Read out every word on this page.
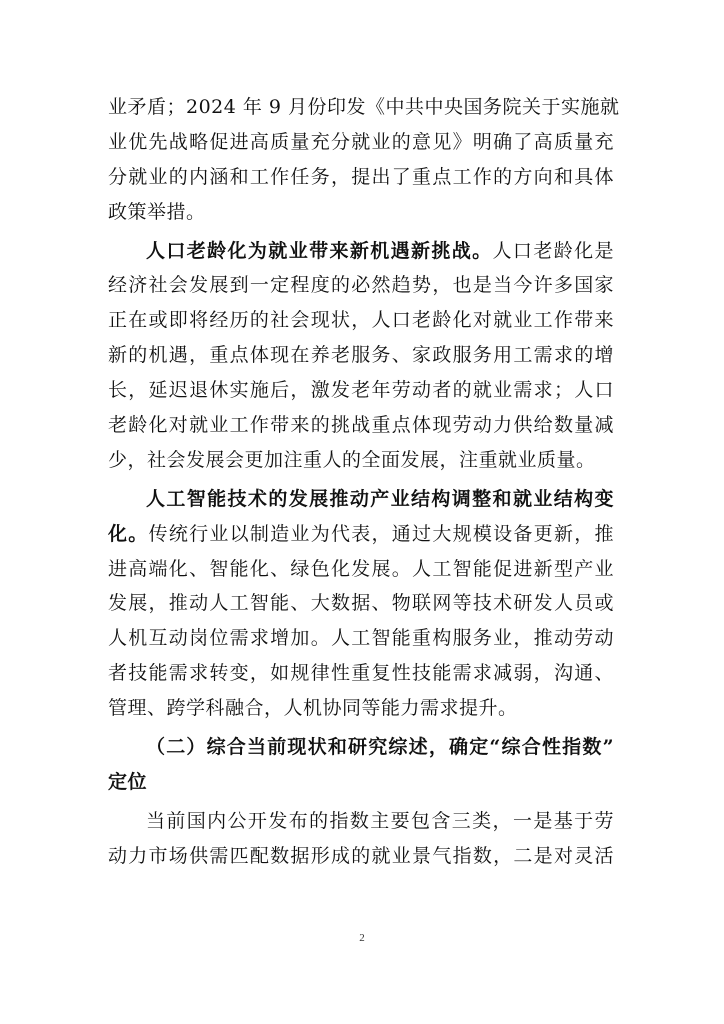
业矛盾；2024 年 9 月份印发《中共中央国务院关于实施就
业优先战略促进高质量充分就业的意见》明确了高质量充
分就业的内涵和工作任务，提出了重点工作的方向和具体
政策举措。
人口老龄化为就业带来新机遇新挑战。人口老龄化是
经济社会发展到一定程度的必然趋势，也是当今许多国家
正在或即将经历的社会现状，人口老龄化对就业工作带来
新的机遇，重点体现在养老服务、家政服务用工需求的增
长，延迟退休实施后，激发老年劳动者的就业需求；人口
老龄化对就业工作带来的挑战重点体现劳动力供给数量减
少，社会发展会更加注重人的全面发展，注重就业质量。
人工智能技术的发展推动产业结构调整和就业结构变
化。传统行业以制造业为代表，通过大规模设备更新，推
进高端化、智能化、绿色化发展。人工智能促进新型产业
发展，推动人工智能、大数据、物联网等技术研发人员或
人机互动岗位需求增加。人工智能重构服务业，推动劳动
者技能需求转变，如规律性重复性技能需求减弱，沟通、
管理、跨学科融合，人机协同等能力需求提升。
（二）综合当前现状和研究综述，确定“综合性指数”
定位
当前国内公开发布的指数主要包含三类，一是基于劳
动力市场供需匹配数据形成的就业景气指数，二是对灵活
2
